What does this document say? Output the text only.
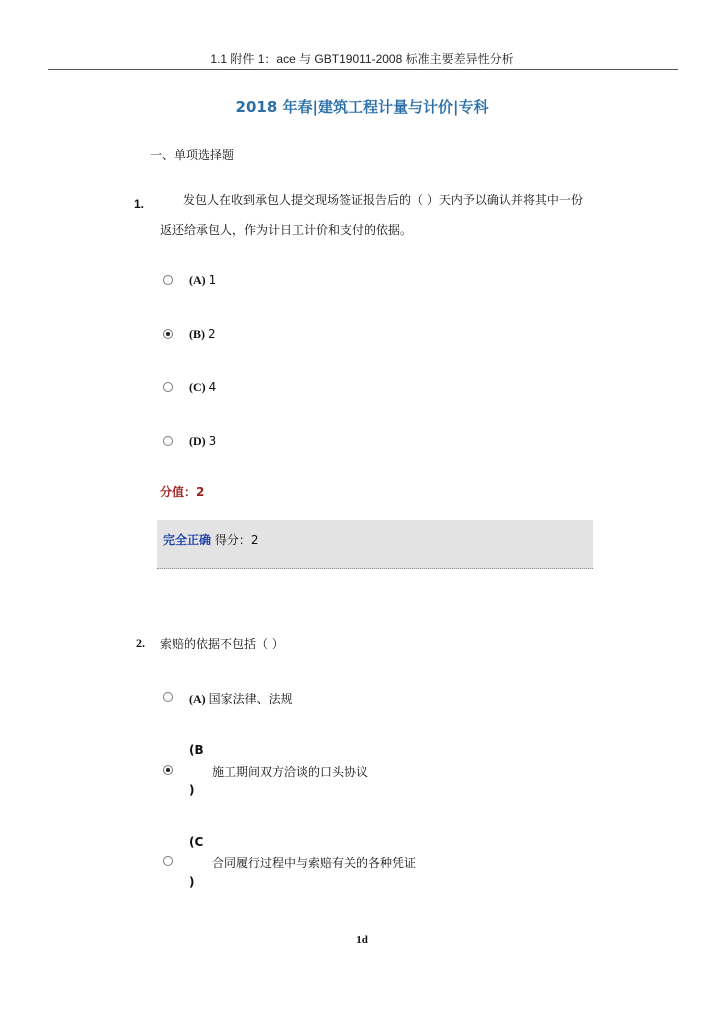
1.1 附件 1：ace 与 GBT19011-2008 标准主要差异性分析
2018 年春|建筑工程计量与计价|专科
一、单项选择题
1.	发包人在收到承包人提交现场签证报告后的（ ）天内予以确认并将其中一份
返还给承包人，作为计日工计价和支付的依据。
(A) 1
(B) 2
(C) 4
(D) 3
分值：2
完全正确 得分：2
2. 索赔的依据不包括（ ）
(A) 国家法律、法规
(B
施工期间双方洽谈的口头协议
)
(C
合同履行过程中与索赔有关的各种凭证
)
1d
